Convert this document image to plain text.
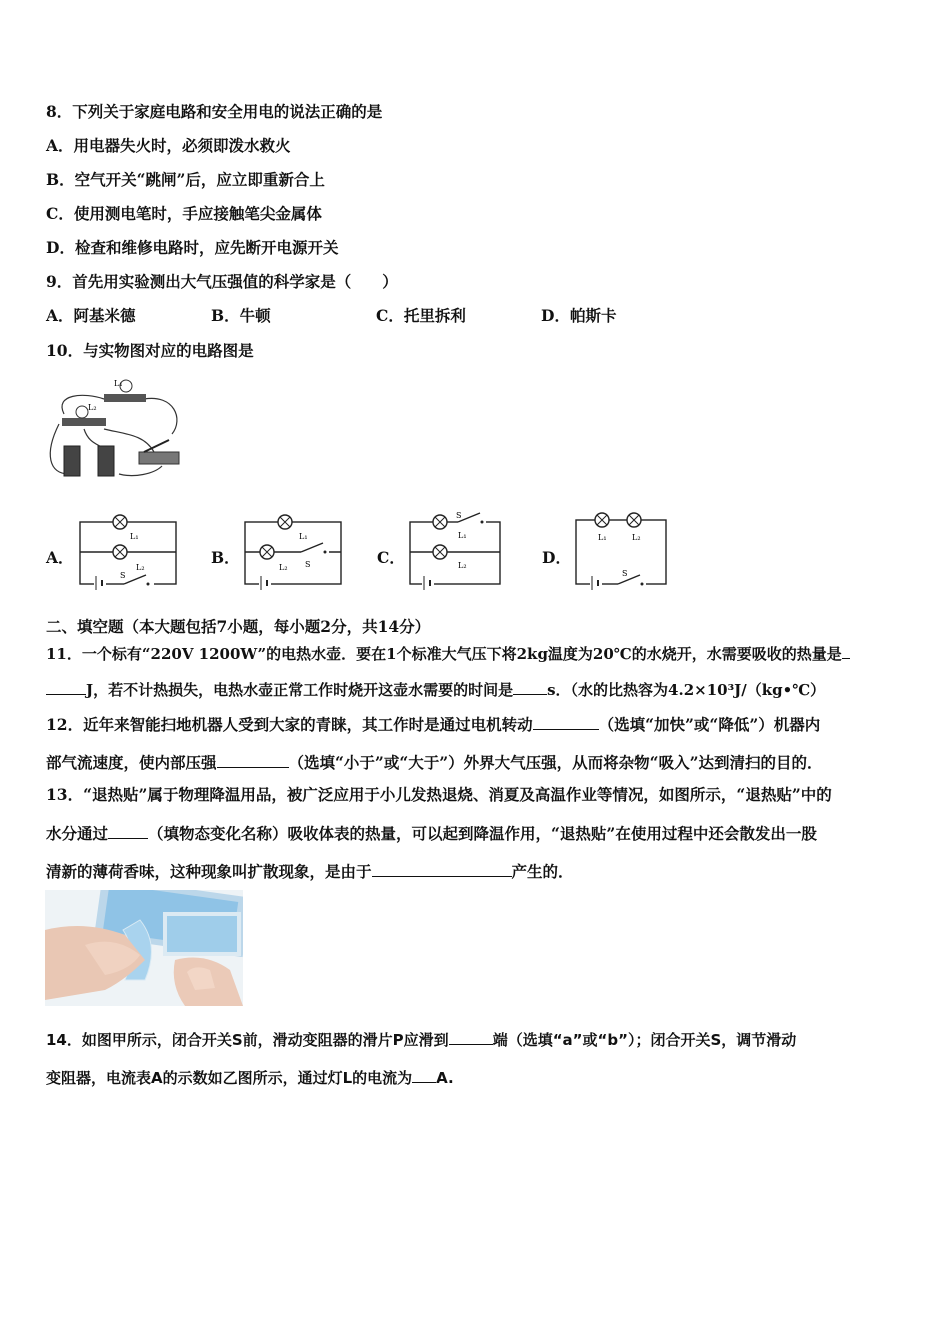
8．下列关于家庭电路和安全用电的说法正确的是
A．用电器失火时，必须即泼水救火
B．空气开关“跳闸”后，应立即重新合上
C．使用测电笔时，手应接触笔尖金属体
D．检查和维修电路时，应先断开电源开关
9．首先用实验测出大气压强值的科学家是（　　）
A．阿基米德	B．牛顿	C．托里拆利	D．帕斯卡
10．与实物图对应的电路图是
L₁
L₂
A．
L₁
L₂
S
B．
L₁
L₂ S	C．
S
L₁
L₂	D．
L₁	L₂
S
二、填空题（本大题包括7小题，每小题2分，共14分）
11．一个标有“220V 1200W”的电热水壶．要在1个标准大气压下将2kg温度为20℃的水烧开，水需要吸收的热量是
J，若不计热损失，电热水壶正常工作时烧开这壶水需要的时间是 s．（水的比热容为4.2×10³J/（kg•℃）
12．近年来智能扫地机器人受到大家的青睐，其工作时是通过电机转动	（选填“加快”或“降低”）机器内
部气流速度，使内部压强	（选填“小于”或“大于”）外界大气压强，从而将杂物“吸入”达到清扫的目的．
13．“退热贴”属于物理降温用品，被广泛应用于小儿发热退烧、消夏及高温作业等情况，如图所示，“退热贴”中的
水分通过	（填物态变化名称）吸收体表的热量，可以起到降温作用，“退热贴”在使用过程中还会散发出一股
清新的薄荷香味，这种现象叫扩散现象，是由于	产生的．
14．如图甲所示，闭合开关S前，滑动变阻器的滑片P应滑到	端（选填“a”或“b”）；闭合开关S，调节滑动
变阻器，电流表A的示数如乙图所示，通过灯L的电流为 A.
